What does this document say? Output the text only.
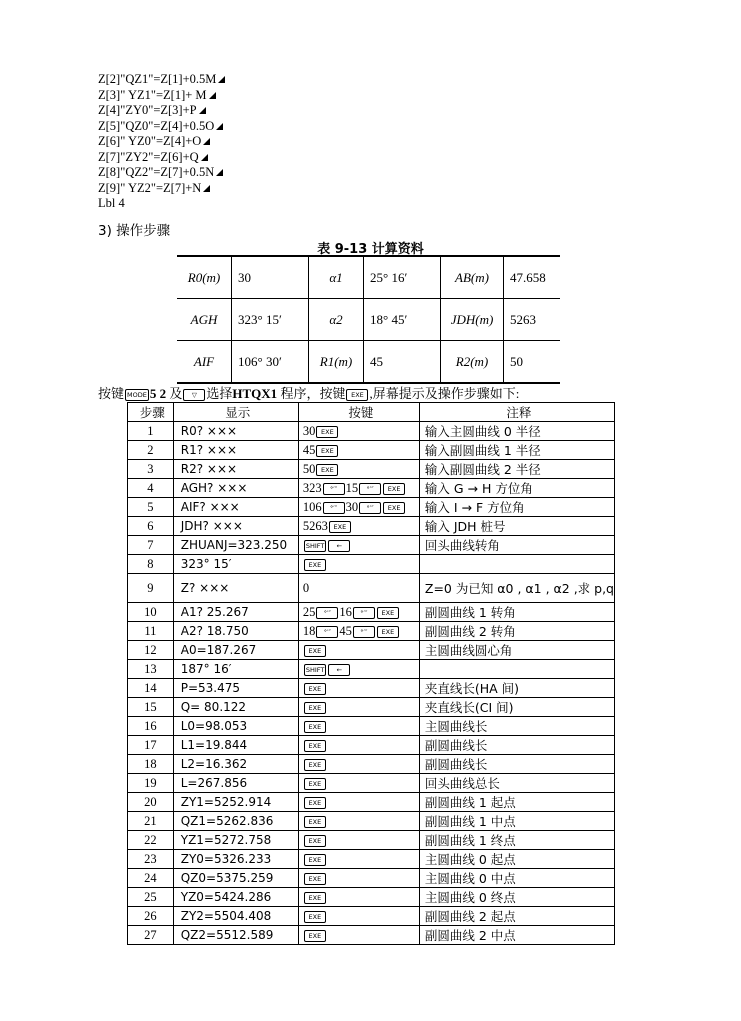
Z[2]"QZ1"=Z[1]+0.5M
Z[3]" YZ1"=Z[1]+ M
Z[4]"ZY0"=Z[3]+P
Z[5]"QZ0"=Z[4]+0.5O
Z[6]" YZ0"=Z[4]+O
Z[7]"ZY2"=Z[6]+Q
Z[8]"QZ2"=Z[7]+0.5N
Z[9]" YZ2"=Z[7]+N
Lbl 4
3) 操作步骤
表 9-13 计算资料
R0(m)	30	α1	25° 16′	AB(m)	47.658
AGH	323° 15′	α2	18° 45′	JDH(m)	5263
AIF	106° 30′	R1(m)	45	R2(m)	50
按键 MODE 5 2 及 ▽ 选择HTQX1 程序，按键 EXE ,屏幕提示及操作步骤如下:
步骤	显示	按键	注释
1	R0? ×××	30 EXE	输入主圆曲线 0 半径
2	R1? ×××	45 EXE	输入副圆曲线 1 半径
3	R2? ×××	50 EXE	输入副圆曲线 2 半径
4	AGH? ×××	323 °′″ 15 °′″ EXE	输入 G → H 方位角
5	AIF? ×××	106 °′″ 30 °′″ EXE	输入 I → F 方位角
6	JDH? ×××	5263 EXE	输入 JDH 桩号
7	ZHUANJ=323.250	SHIFT ←	回头曲线转角
8	323° 15′	EXE	
9	Z? ×××	0	Z=0 为已知 α0 , α1 , α2 ,求 p,q
10	A1? 25.267	25 °′″ 16 °′″ EXE	副圆曲线 1 转角
11	A2? 18.750	18 °′″ 45 °′″ EXE	副圆曲线 2 转角
12	A0=187.267	EXE	主圆曲线圆心角
13	187° 16′	SHIFT ←	
14	P=53.475	EXE	夹直线长(HA 间)
15	Q= 80.122	EXE	夹直线长(CI 间)
16	L0=98.053	EXE	主圆曲线长
17	L1=19.844	EXE	副圆曲线长
18	L2=16.362	EXE	副圆曲线长
19	L=267.856	EXE	回头曲线总长
20	ZY1=5252.914	EXE	副圆曲线 1 起点
21	QZ1=5262.836	EXE	副圆曲线 1 中点
22	YZ1=5272.758	EXE	副圆曲线 1 终点
23	ZY0=5326.233	EXE	主圆曲线 0 起点
24	QZ0=5375.259	EXE	主圆曲线 0 中点
25	YZ0=5424.286	EXE	主圆曲线 0 终点
26	ZY2=5504.408	EXE	副圆曲线 2 起点
27	QZ2=5512.589	EXE	副圆曲线 2 中点
